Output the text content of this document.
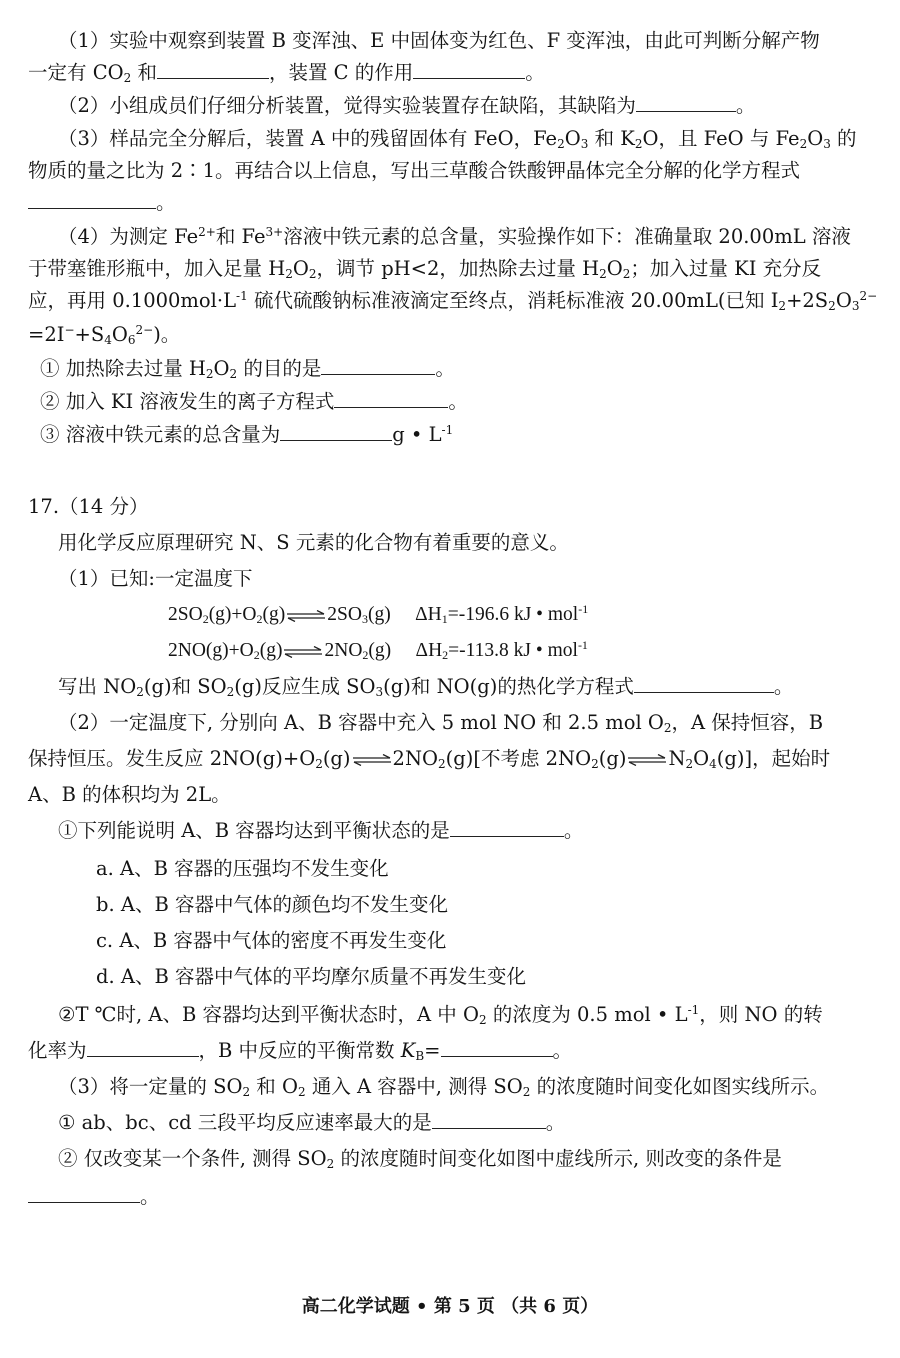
（1）实验中观察到装置 B 变浑浊、E 中固体变为红色、F 变浑浊，由此可判断分解产物
一定有 $CO_2$ 和	，装置 C 的作用	。
（2）小组成员们仔细分析装置，觉得实验装置存在缺陷，其缺陷为	。
（3）样品完全分解后，装置 A 中的残留固体有 FeO，$Fe_2O_3$ 和 $K_2O$，且 FeO 与 $Fe_2O_3$ 的
物质的量之比为 2∶1。再结合以上信息，写出三草酸合铁酸钾晶体完全分解的化学方程式
。
（4）为测定 $Fe^{2+}$和 $Fe^{3+}$溶液中铁元素的总含量，实验操作如下：准确量取 20.00mL 溶液
于带塞锥形瓶中，加入足量 $H_2O_2$，调节 pH<2，加热除去过量 $H_2O_2$；加入过量 KI 充分反
应，再用 $0.1000mol\cdot L^{-1}$ 硫代硫酸钠标准液滴定至终点，消耗标准液 20.00mL(已知 $I_2+2S_2O_3^{2-}$
$=2I^-+S_4O_6^{2-}$)。
① 加热除去过量 $H_2O_2$ 的目的是	。
② 加入 KI 溶液发生的离子方程式	。
③ 溶液中铁元素的总含量为	g • $L^{-1}$
17.（14 分）
用化学反应原理研究 N、S 元素的化合物有着重要的意义。
（1）已知:一定温度下
$2SO_2(g)+O_2(g)$ $2SO_3(g)$     $\Delta H_1=-196.6$ kJ • mol$^{-1}$
$2NO(g)+O_2(g)$ $2NO_2(g)$     $\Delta H_2=-113.8$ kJ • mol$^{-1}$
写出 $NO_2(g)$和 $SO_2(g)$反应生成 $SO_3(g)$和 NO(g)的热化学方程式	。
（2）一定温度下, 分别向 A、B 容器中充入 5 mol NO 和 2.5 mol $O_2$，A 保持恒容，B
保持恒压。发生反应 $2NO(g)+O_2(g)$ $2NO_2(g)$[不考虑 $2NO_2(g)$ $N_2O_4(g)$]，起始时
A、B 的体积均为 2L。
①下列能说明 A、B 容器均达到平衡状态的是	。
a. A、B 容器的压强均不发生变化
b. A、B 容器中气体的颜色均不发生变化
c. A、B 容器中气体的密度不再发生变化
d. A、B 容器中气体的平均摩尔质量不再发生变化
②T ℃时, A、B 容器均达到平衡状态时，A 中 $O_2$ 的浓度为 0.5 mol • $L^{-1}$，则 NO 的转
化率为	，B 中反应的平衡常数 $K_B=$	。
（3）将一定量的 $SO_2$ 和 $O_2$ 通入 A 容器中, 测得 $SO_2$ 的浓度随时间变化如图实线所示。
① ab、bc、cd 三段平均反应速率最大的是	。
② 仅改变某一个条件, 测得 $SO_2$ 的浓度随时间变化如图中虚线所示, 则改变的条件是
。
高二化学试题 • 第 5 页 （共 6 页）
